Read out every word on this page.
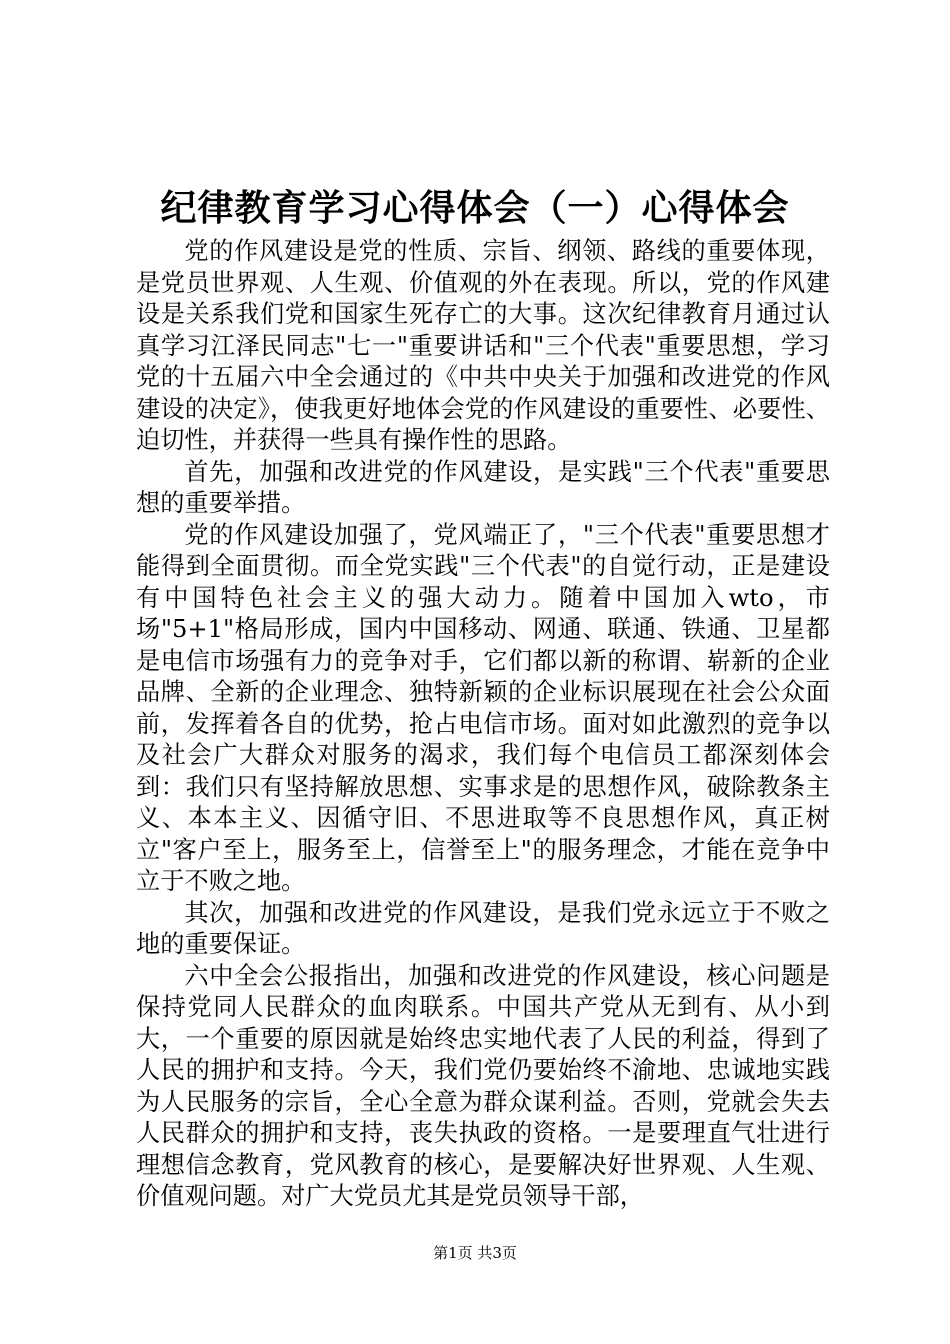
纪律教育学习心得体会（一）心得体会

党的作风建设是党的性质、宗旨、纲领、路线的重要体现，是党员世界观、人生观、价值观的外在表现。所以，党的作风建设是关系我们党和国家生死存亡的大事。这次纪律教育月通过认真学习江泽民同志"七一"重要讲话和"三个代表"重要思想，学习党的十五届六中全会通过的《中共中央关于加强和改进党的作风建设的决定》，使我更好地体会党的作风建设的重要性、必要性、迫切性，并获得一些具有操作性的思路。

首先，加强和改进党的作风建设，是实践"三个代表"重要思想的重要举措。

党的作风建设加强了，党风端正了，"三个代表"重要思想才能得到全面贯彻。而全党实践"三个代表"的自觉行动，正是建设有中国特色社会主义的强大动力。随着中国加入wto，市场"5+1"格局形成，国内中国移动、网通、联通、铁通、卫星都是电信市场强有力的竞争对手，它们都以新的称谓、崭新的企业品牌、全新的企业理念、独特新颖的企业标识展现在社会公众面前，发挥着各自的优势，抢占电信市场。面对如此激烈的竞争以及社会广大群众对服务的渴求，我们每个电信员工都深刻体会到：我们只有坚持解放思想、实事求是的思想作风，破除教条主义、本本主义、因循守旧、不思进取等不良思想作风，真正树立"客户至上，服务至上，信誉至上"的服务理念，才能在竞争中立于不败之地。

其次，加强和改进党的作风建设，是我们党永远立于不败之地的重要保证。

六中全会公报指出，加强和改进党的作风建设，核心问题是保持党同人民群众的血肉联系。中国共产党从无到有、从小到大，一个重要的原因就是始终忠实地代表了人民的利益，得到了人民的拥护和支持。今天，我们党仍要始终不渝地、忠诚地实践为人民服务的宗旨，全心全意为群众谋利益。否则，党就会失去人民群众的拥护和支持，丧失执政的资格。一是要理直气壮进行理想信念教育，党风教育的核心，是要解决好世界观、人生观、价值观问题。对广大党员尤其是党员领导干部，

第1页 共3页
